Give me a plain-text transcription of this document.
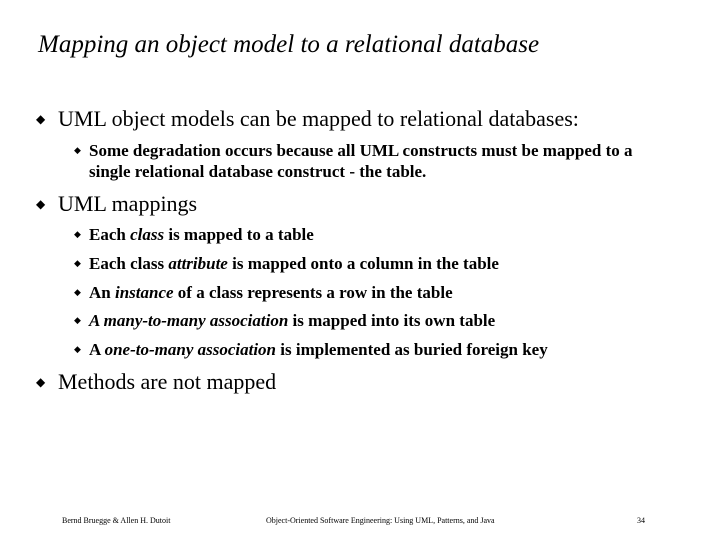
Mapping an object model to a relational database
◆ UML object models can be mapped to relational databases:
◆ Some degradation occurs because all UML constructs must be mapped to a single relational database construct - the table.
◆ UML mappings
◆ Each class is mapped to a table
◆ Each class attribute is mapped onto a column in the table
◆ An instance of a class represents a row in the table
◆ A many-to-many association is mapped into its own table
◆ A one-to-many association is implemented as buried foreign key
◆ Methods are not mapped
Bernd Bruegge & Allen H. Dutoit	Object-Oriented Software Engineering: Using UML, Patterns, and Java	34
